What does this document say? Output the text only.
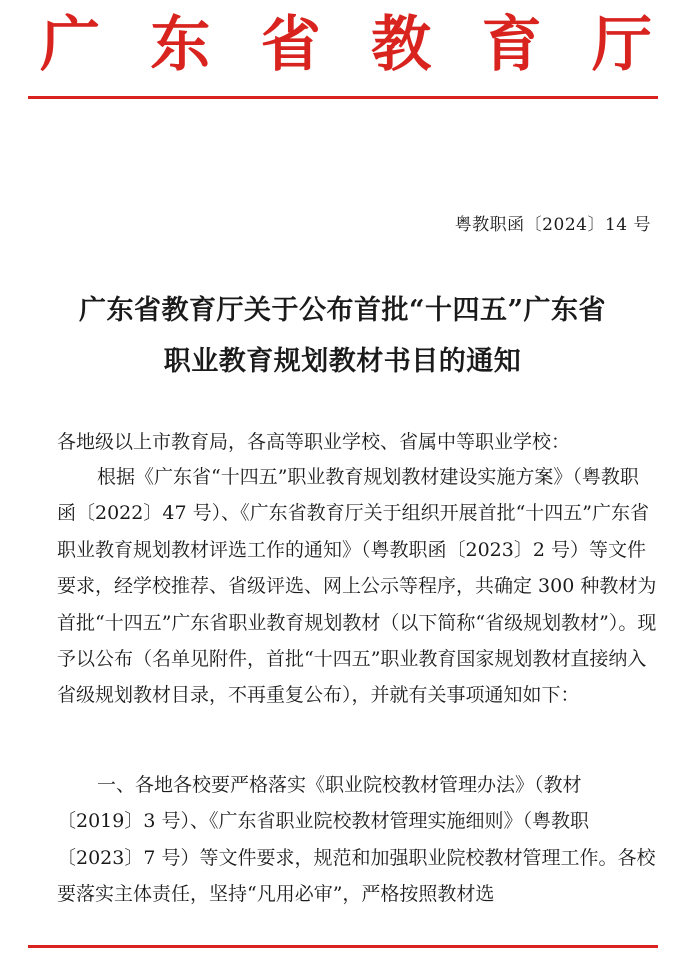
广 东 省 教 育 厅
粤教职函〔2024〕14 号
广东省教育厅关于公布首批“十四五”广东省
职业教育规划教材书目的通知
各地级以上市教育局，各高等职业学校、省属中等职业学校：

根据《广东省“十四五”职业教育规划教材建设实施方案》（粤教职函〔2022〕47 号）、《广东省教育厅关于组织开展首批“十四五”广东省职业教育规划教材评选工作的通知》（粤教职函〔2023〕2 号）等文件要求，经学校推荐、省级评选、网上公示等程序，共确定 300 种教材为首批“十四五”广东省职业教育规划教材（以下简称“省级规划教材”）。现予以公布（名单见附件，首批“十四五”职业教育国家规划教材直接纳入省级规划教材目录，不再重复公布），并就有关事项通知如下：

一、各地各校要严格落实《职业院校教材管理办法》（教材〔2019〕3 号）、《广东省职业院校教材管理实施细则》（粤教职〔2023〕7 号）等文件要求，规范和加强职业院校教材管理工作。各校要落实主体责任，坚持“凡用必审”，严格按照教材选
